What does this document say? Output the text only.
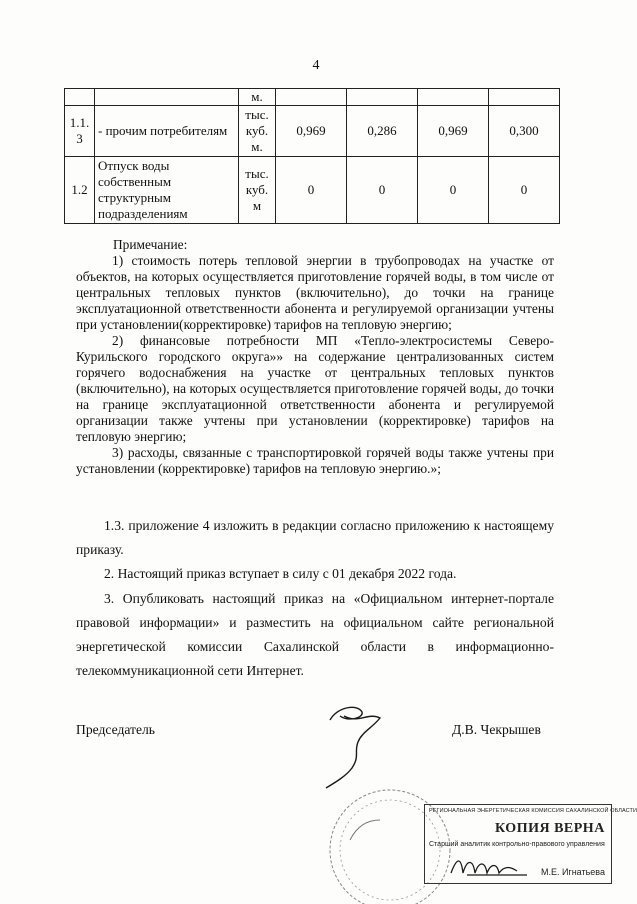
4
		м.				
1.1.
3	- прочим потребителям	тыс.
куб.
м.	0,969	0,286	0,969	0,300
1.2	Отпуск воды собственным структурным подразделениям	тыс.
куб.
м	0	0	0	0

Примечание:

1) стоимость потерь тепловой энергии в трубопроводах на участке от объектов, на которых осуществляется приготовление горячей воды, в том числе от центральных тепловых пунктов (включительно), до точки на границе эксплуатационной ответственности абонента и регулируемой организации учтены при установлении(корректировке) тарифов на тепловую энергию;

2) финансовые потребности МП «Тепло-электросистемы Северо-Курильского городского округа»» на содержание централизованных систем горячего водоснабжения на участке от центральных тепловых пунктов (включительно), на которых осуществляется приготовление горячей воды, до точки на границе эксплуатационной ответственности абонента и регулируемой организации также учтены при установлении (корректировке) тарифов на тепловую энергию;

3) расходы, связанные с транспортировкой горячей воды также учтены при установлении (корректировке) тарифов на тепловую энергию.»;

1.3. приложение 4 изложить в редакции согласно приложению к настоящему приказу.

2. Настоящий приказ вступает в силу с 01 декабря 2022 года.

3. Опубликовать настоящий приказ на «Официальном интернет-портале правовой информации» и разместить на официальном сайте региональной энергетической комиссии Сахалинской области в информационно-телекоммуникационной сети Интернет.

Председатель	Д.В. Чекрышев
РЕГИОНАЛЬНАЯ ЭНЕРГЕТИЧЕСКАЯ КОМИССИЯ САХАЛИНСКОЙ ОБЛАСТИ
КОПИЯ ВЕРНА
Старший аналитик контрольно-правового управления
М.Е. Игнатьева
